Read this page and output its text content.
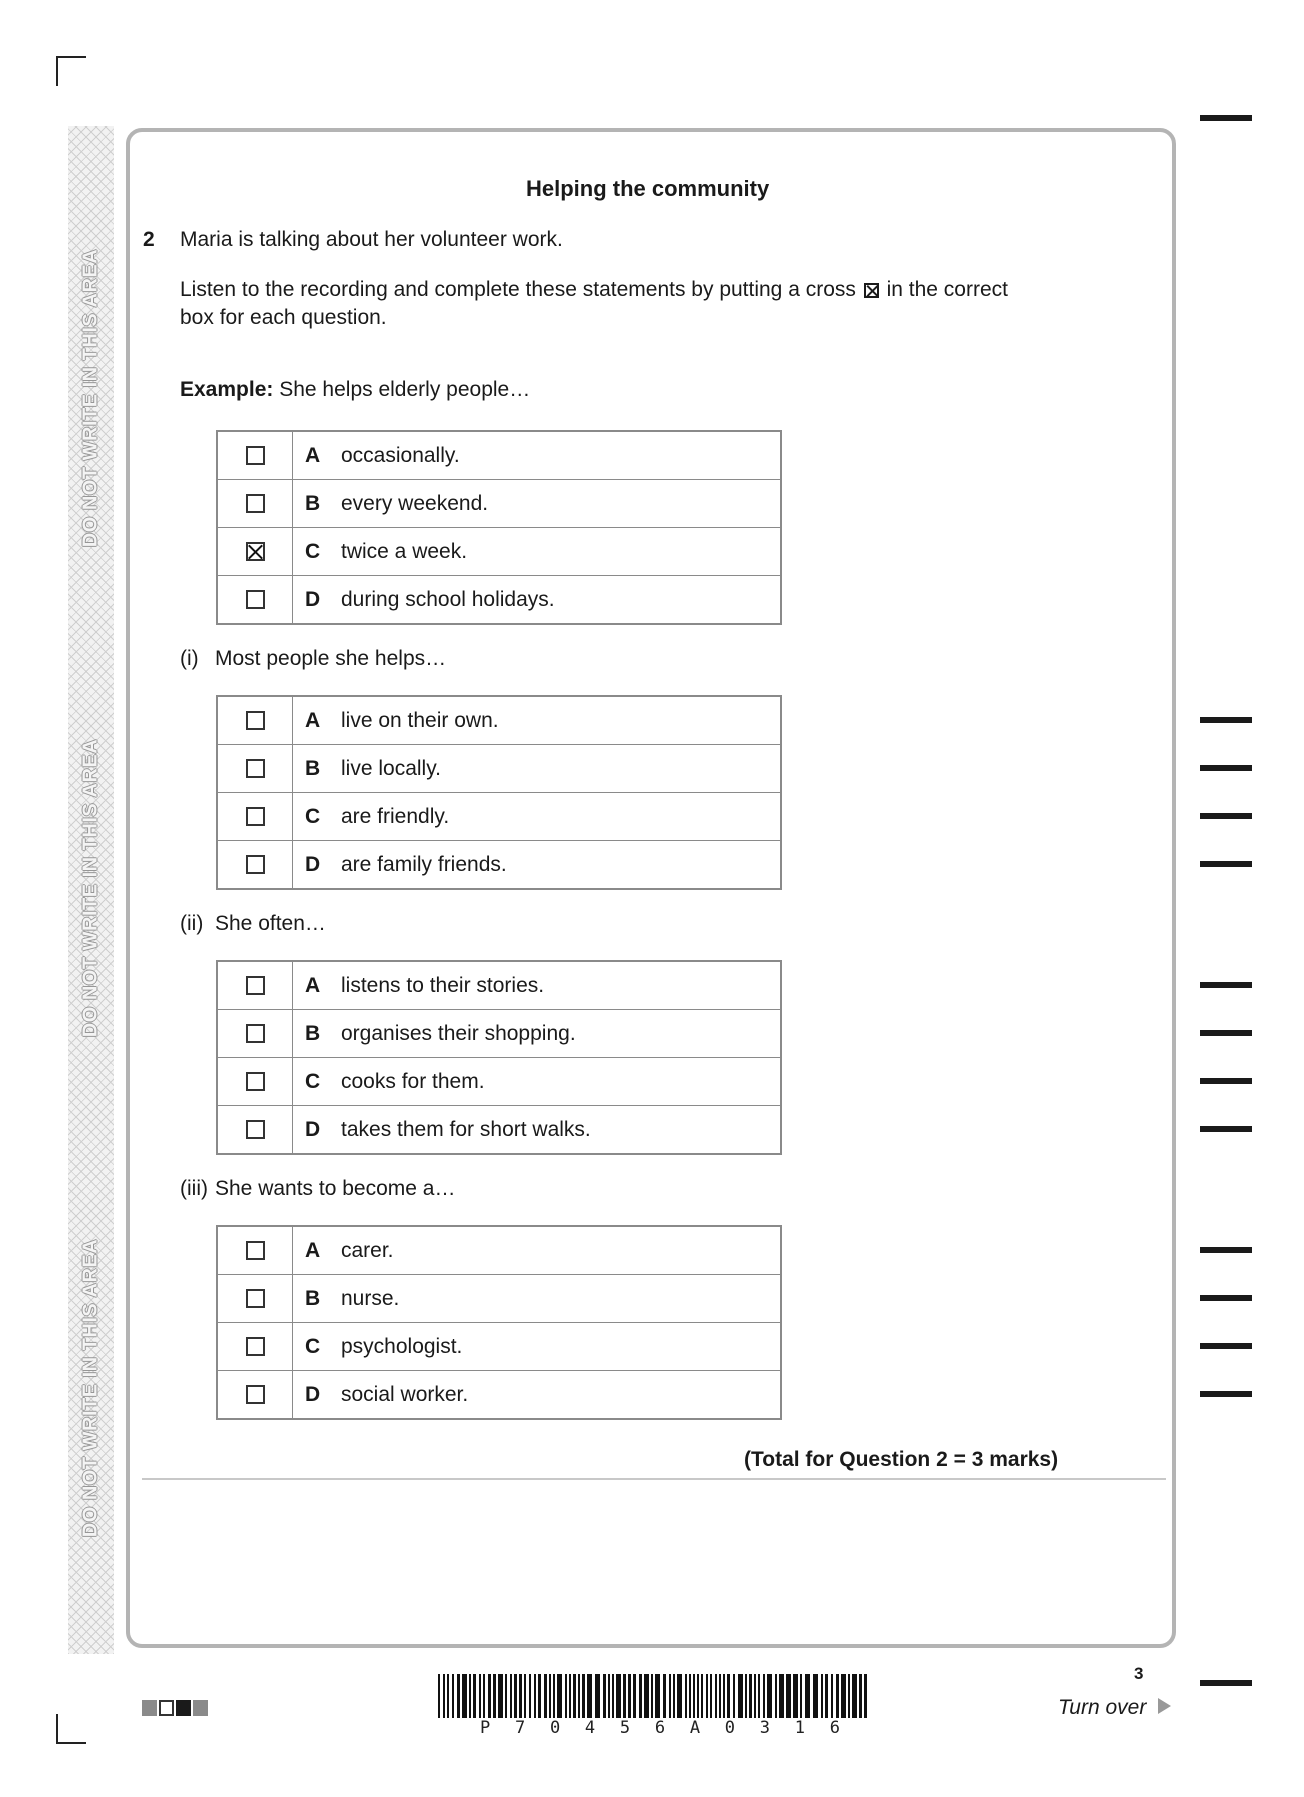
DO NOT WRITE IN THIS AREA
DO NOT WRITE IN THIS AREA
DO NOT WRITE IN THIS AREA
Helping the community
2 Maria is talking about her volunteer work.
Listen to the recording and complete these statements by putting a cross ☒ in the correct box for each question.
Example: She helps elderly people…
	A occasionally.
	B every weekend.
	C twice a week.
	D during school holidays.
(i) Most people she helps…
	A live on their own.
	B live locally.
	C are friendly.
	D are family friends.
(ii) She often…
	A listens to their stories.
	B organises their shopping.
	C cooks for them.
	D takes them for short walks.
(iii) She wants to become a…
	A carer.
	B nurse.
	C psychologist.
	D social worker.
(Total for Question 2 = 3 marks)
3
Turn over
P 7 0 4 5 6 A 0 3 1 6
